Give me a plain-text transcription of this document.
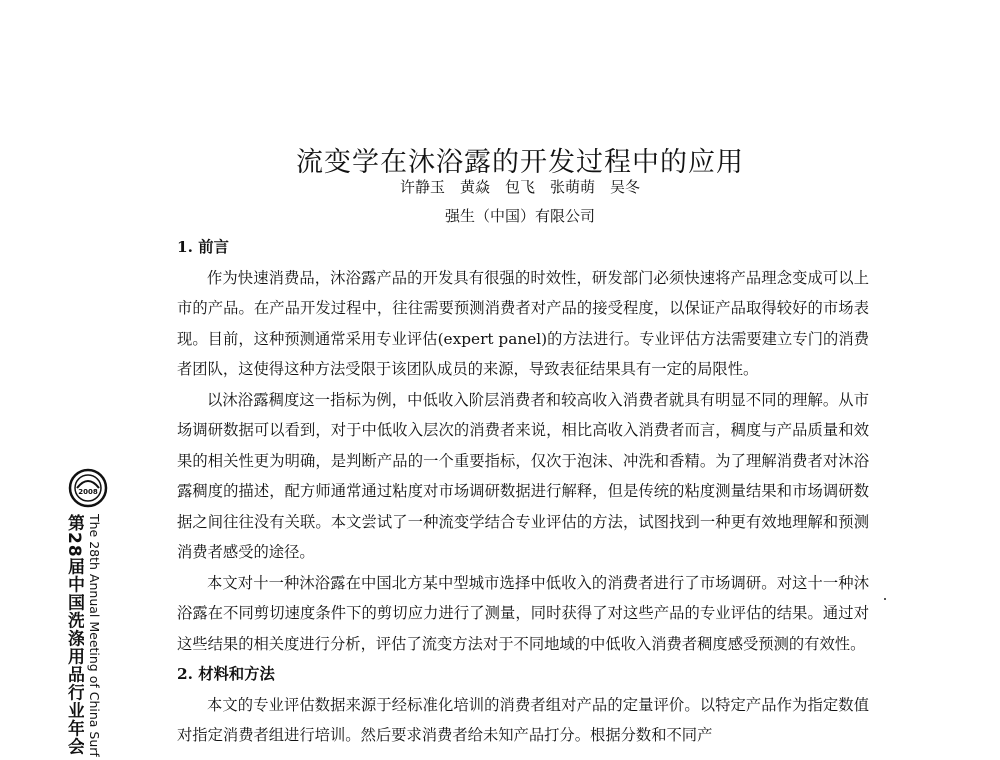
流变学在沐浴露的开发过程中的应用
许静玉　黄焱　包飞　张萌萌　吴冬
强生（中国）有限公司

1. 前言

作为快速消费品，沐浴露产品的开发具有很强的时效性，研发部门必须快速将产品理念变成可以上市的产品。在产品开发过程中，往往需要预测消费者对产品的接受程度，以保证产品取得较好的市场表现。目前，这种预测通常采用专业评估(expert panel)的方法进行。专业评估方法需要建立专门的消费者团队，这使得这种方法受限于该团队成员的来源，导致表征结果具有一定的局限性。

以沐浴露稠度这一指标为例，中低收入阶层消费者和较高收入消费者就具有明显不同的理解。从市场调研数据可以看到，对于中低收入层次的消费者来说，相比高收入消费者而言，稠度与产品质量和效果的相关性更为明确，是判断产品的一个重要指标，仅次于泡沫、冲洗和香精。为了理解消费者对沐浴露稠度的描述，配方师通常通过粘度对市场调研数据进行解释，但是传统的粘度测量结果和市场调研数据之间往往没有关联。本文尝试了一种流变学结合专业评估的方法，试图找到一种更有效地理解和预测消费者感受的途径。

本文对十一种沐浴露在中国北方某中型城市选择中低收入的消费者进行了市场调研。对这十一种沐浴露在不同剪切速度条件下的剪切应力进行了测量，同时获得了对这些产品的专业评估的结果。通过对这些结果的相关度进行分析，评估了流变方法对于不同地域的中低收入消费者稠度感受预测的有效性。

2. 材料和方法

本文的专业评估数据来源于经标准化培训的消费者组对产品的定量评价。以特定产品作为指定数值对指定消费者组进行培训。然后要求消费者给未知产品打分。根据分数和不同产

2008
第28届中国洗涤用品行业年会 The 28th Annual Meeting of China Surf
